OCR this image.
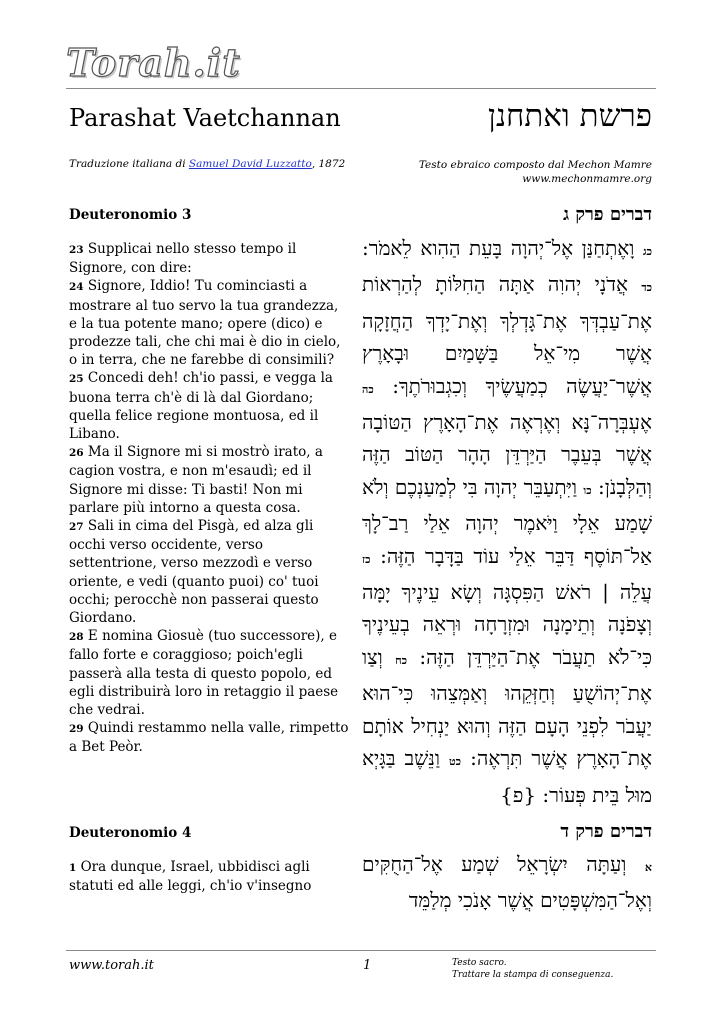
Torah.it
Parashat Vaetchannan	פרשת ואתחנן
Traduzione italiana di Samuel David Luzzatto, 1872	Testo ebraico composto dal Mechon Mamre
www.mechonmamre.org
Deuteronomio 3	דברים פרק ג

23 Supplicai nello stesso tempo il Signore, con dire:

24 Signore, Iddio! Tu cominciasti a mostrare al tuo servo la tua grandezza, e la tua potente mano; opere (dico) e prodezze tali, che chi mai è dio in cielo, o in terra, che ne farebbe di consimili?

25 Concedi deh! ch'io passi, e vegga la buona terra ch'è di là dal Giordano; quella felice regione montuosa, ed il Libano.

26 Ma il Signore mi si mostrò irato, a cagion vostra, e non m'esaudì; ed il Signore mi disse: Ti basti! Non mi parlare più intorno a questa cosa.

27 Sali in cima del Pisgà, ed alza gli occhi verso occidente, verso settentrione, verso mezzodì e verso oriente, e vedi (quanto puoi) co' tuoi occhi; perocchè non passerai questo Giordano.

28 E nomina Giosuè (tuo successore), e fallo forte e coraggioso; poich'egli passerà alla testa di questo popolo, ed egli distribuirà loro in retaggio il paese che vedrai.

29 Quindi restammo nella valle, rimpetto a Bet Peòr.

כג וָאֶתְחַנַּן אֶל־יְהוָה בָּעֵת הַהִוא לֵאמֹר: כד אֲדֹנָי יְהוִה אַתָּה הַחִלּוֹתָ לְהַרְאוֹת אֶת־עַבְדְּךָ אֶת־גָּדְלְךָ וְאֶת־יָדְךָ הַחֲזָקָה אֲשֶׁר מִי־אֵל בַּשָּׁמַיִם וּבָאָרֶץ אֲשֶׁר־יַעֲשֶׂה כְמַעֲשֶׂיךָ וְכִגְבוּרֹתֶךָ: כה אֶעְבְּרָה־נָּא וְאֶרְאֶה אֶת־הָאָרֶץ הַטּוֹבָה אֲשֶׁר בְּעֵבֶר הַיַּרְדֵּן הָהָר הַטּוֹב הַזֶּה וְהַלְּבָנֹן: כו וַיִּתְעַבֵּר יְהוָה בִּי לְמַעַנְכֶם וְלֹא שָׁמַע אֵלָי וַיֹּאמֶר יְהוָה אֵלַי רַב־לָךְ אַל־תּוֹסֶף דַּבֵּר אֵלַי עוֹד בַּדָּבָר הַזֶּה: כז עֲלֵה | רֹאשׁ הַפִּסְגָּה וְשָׂא עֵינֶיךָ יָמָּה וְצָפֹנָה וְתֵימָנָה וּמִזְרָחָה וּרְאֵה בְעֵינֶיךָ כִּי־לֹא תַעֲבֹר אֶת־הַיַּרְדֵּן הַזֶּה: כח וְצַו אֶת־יְהוֹשֻׁעַ וְחַזְּקֵהוּ וְאַמְּצֵהוּ כִּי־הוּא יַעֲבֹר לִפְנֵי הָעָם הַזֶּה וְהוּא יַנְחִיל אוֹתָם אֶת־הָאָרֶץ אֲשֶׁר תִּרְאֶה: כט וַנֵּשֶׁב בַּגָּיְא מוּל בֵּית פְּעוֹר: {פ}
Deuteronomio 4	דברים פרק ד

1 Ora dunque, Israel, ubbidisci agli statuti ed alle leggi, ch'io v'insegno

א וְעַתָּה יִשְׂרָאֵל שְׁמַע אֶל־הַחֻקִּים וְאֶל־הַמִּשְׁפָּטִים אֲשֶׁר אָנֹכִי מְלַמֵּד
www.torah.it	1	Testo sacro.
Trattare la stampa di conseguenza.
